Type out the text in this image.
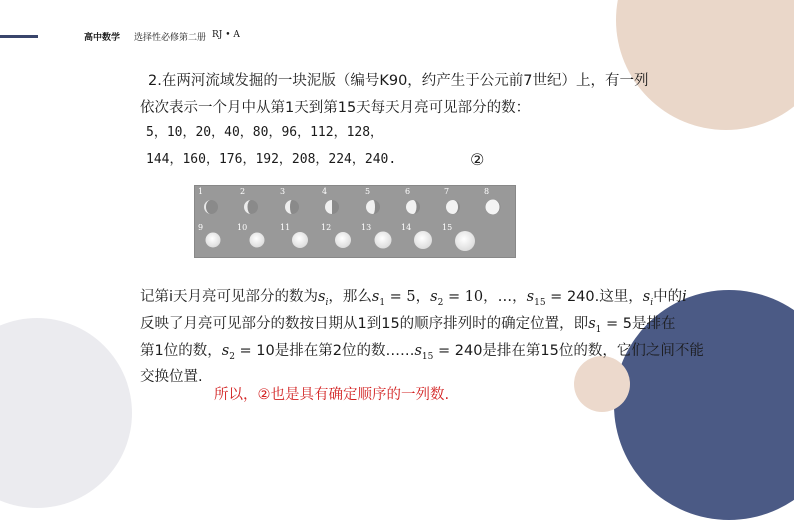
高中数学 选择性必修第二册 RJ • A
2.在两河流域发掘的一块泥版（编号K90，约产生于公元前7世纪）上，有一列
依次表示一个月中从第1天到第15天每天月亮可见部分的数：
5，10，20，40，80，96，112，128，
144，160，176，192，208，224，240.	②
1	2	3	4	5	6	7	8
9	10	11	12	13	14	15
记第i天月亮可见部分的数为$s_i$，那么$s_1 = 5$，$s_2 = 10$，…，$s_{15} = 240$.这里，$s_i$中的i
反映了月亮可见部分的数按日期从1到15的顺序排列时的确定位置，即$s_1 = 5$是排在
第1位的数，$s_2 = 10$是排在第2位的数$\dots\dots s_{15} = 240$是排在第15位的数，它们之间不能
交换位置.
所以，②也是具有确定顺序的一列数.
